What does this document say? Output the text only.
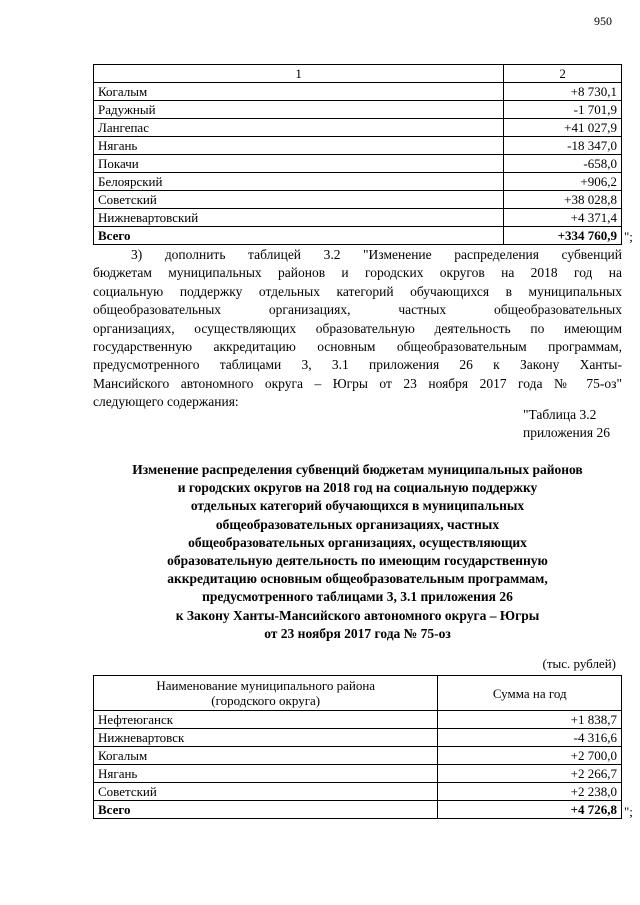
950
1	2
Когалым	+8 730,1
Радужный	-1 701,9
Лангепас	+41 027,9
Нягань	-18 347,0
Покачи	-658,0
Белоярский	+906,2
Советский	+38 028,8
Нижневартовский	+4 371,4
Всего	+334 760,9 ";
3) дополнить таблицей 3.2 "Изменение распределения субвенций
бюджетам муниципальных районов и городских округов на 2018 год на
социальную поддержку отдельных категорий обучающихся в муниципальных
общеобразовательных организациях, частных общеобразовательных
организациях, осуществляющих образовательную деятельность по имеющим
государственную аккредитацию основным общеобразовательным программам,
предусмотренного таблицами 3, 3.1 приложения 26 к Закону Ханты-
Мансийского автономного округа – Югры от 23 ноября 2017 года № 75-оз"
следующего содержания:
"Таблица 3.2
приложения 26
Изменение распределения субвенций бюджетам муниципальных районов
и городских округов на 2018 год на социальную поддержку
отдельных категорий обучающихся в муниципальных
общеобразовательных организациях, частных
общеобразовательных организациях, осуществляющих
образовательную деятельность по имеющим государственную
аккредитацию основным общеобразовательным программам,
предусмотренного таблицами 3, 3.1 приложения 26
к Закону Ханты-Мансийского автономного округа – Югры
от 23 ноября 2017 года № 75-оз
(тыс. рублей)
Наименование муниципального района
(городского округа)	Сумма на год
Нефтеюганск	+1 838,7
Нижневартовск	-4 316,6
Когалым	+2 700,0
Нягань	+2 266,7
Советский	+2 238,0
Всего	+4 726,8 ";
